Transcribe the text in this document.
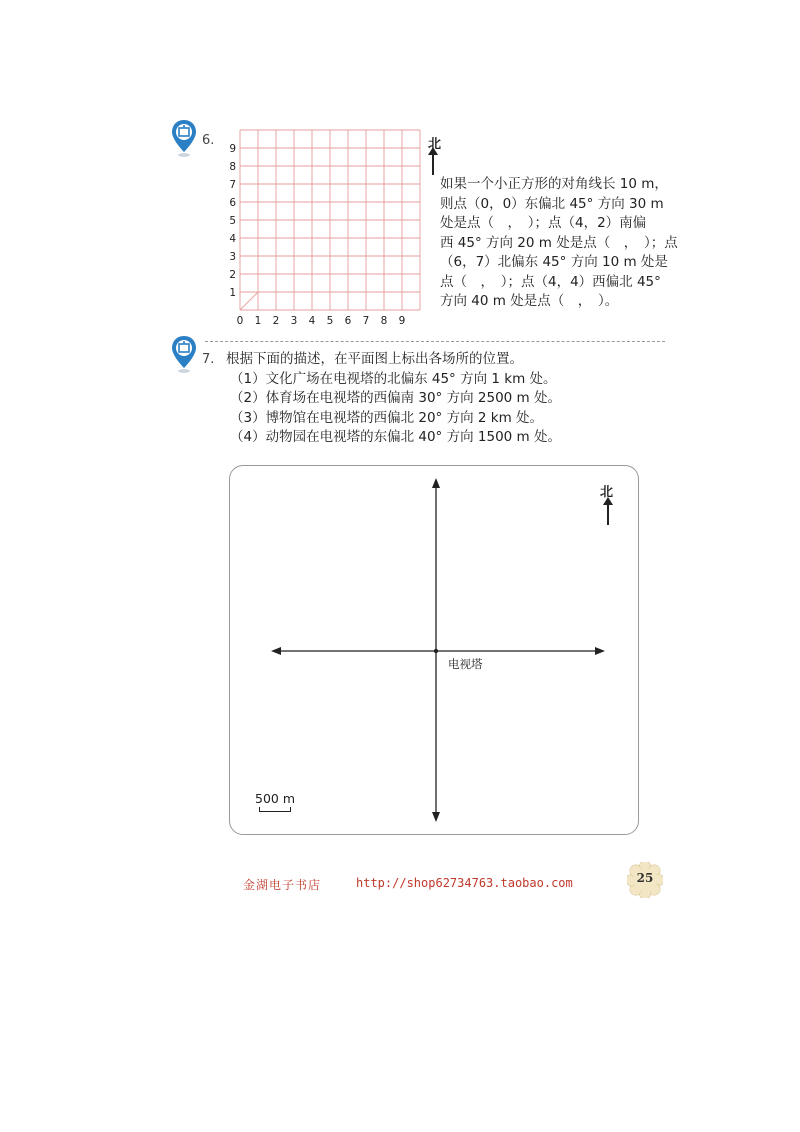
6.
0 1 2 3 4 5 6 7 8 9
1
2
3
4
5
6
7
8
9	北
如果一个小正方形的对角线长 10 m，
则点（0，0）东偏北 45° 方向 30 m
处是点（　，　）；点（4，2）南偏
西 45° 方向 20 m 处是点（　，　）；点
（6，7）北偏东 45° 方向 10 m 处是
点（　，　）；点（4，4）西偏北 45°
方向 40 m 处是点（　，　）。
7. 根据下面的描述，在平面图上标出各场所的位置。
（1）文化广场在电视塔的北偏东 45° 方向 1 km 处。
（2）体育场在电视塔的西偏南 30° 方向 2500 m 处。
（3）博物馆在电视塔的西偏北 20° 方向 2 km 处。
（4）动物园在电视塔的东偏北 40° 方向 1500 m 处。
北
电视塔
500 m
金湖电子书店	http://shop62734763.taobao.com	25
